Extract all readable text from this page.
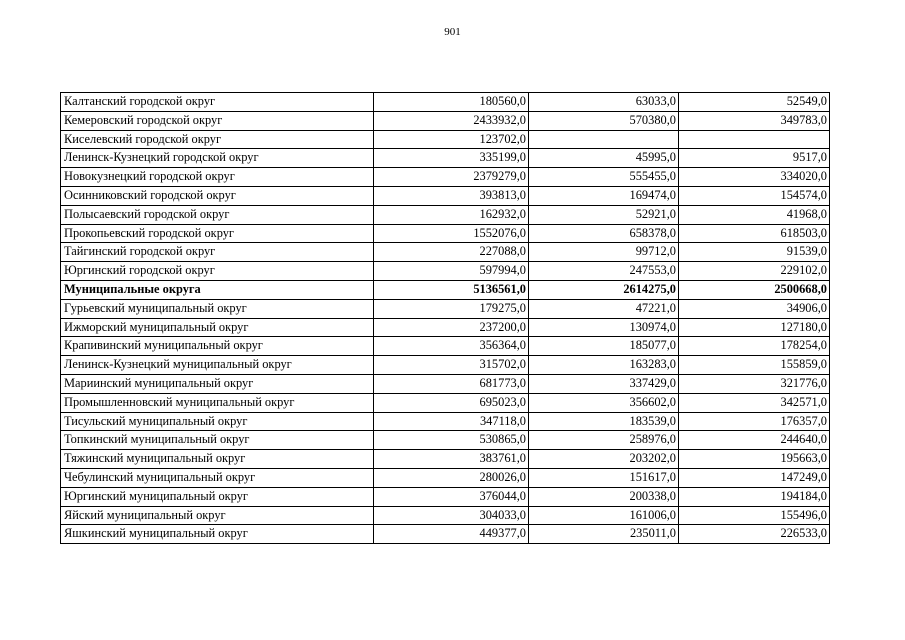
901
Калтанский городской округ	180560,0	63033,0	52549,0
Кемеровский городской округ	2433932,0	570380,0	349783,0
Киселевский городской округ	123702,0		
Ленинск-Кузнецкий городской округ	335199,0	45995,0	9517,0
Новокузнецкий городской округ	2379279,0	555455,0	334020,0
Осинниковский городской округ	393813,0	169474,0	154574,0
Полысаевский городской округ	162932,0	52921,0	41968,0
Прокопьевский городской округ	1552076,0	658378,0	618503,0
Тайгинский городской округ	227088,0	99712,0	91539,0
Юргинский городской округ	597994,0	247553,0	229102,0
Муниципальные округа	5136561,0	2614275,0	2500668,0
Гурьевский муниципальный округ	179275,0	47221,0	34906,0
Ижморский муниципальный округ	237200,0	130974,0	127180,0
Крапивинский муниципальный округ	356364,0	185077,0	178254,0
Ленинск-Кузнецкий муниципальный округ	315702,0	163283,0	155859,0
Мариинский муниципальный округ	681773,0	337429,0	321776,0
Промышленновский муниципальный округ	695023,0	356602,0	342571,0
Тисульский муниципальный округ	347118,0	183539,0	176357,0
Топкинский муниципальный округ	530865,0	258976,0	244640,0
Тяжинский муниципальный округ	383761,0	203202,0	195663,0
Чебулинский муниципальный округ	280026,0	151617,0	147249,0
Юргинский муниципальный округ	376044,0	200338,0	194184,0
Яйский муниципальный округ	304033,0	161006,0	155496,0
Яшкинский муниципальный округ	449377,0	235011,0	226533,0
